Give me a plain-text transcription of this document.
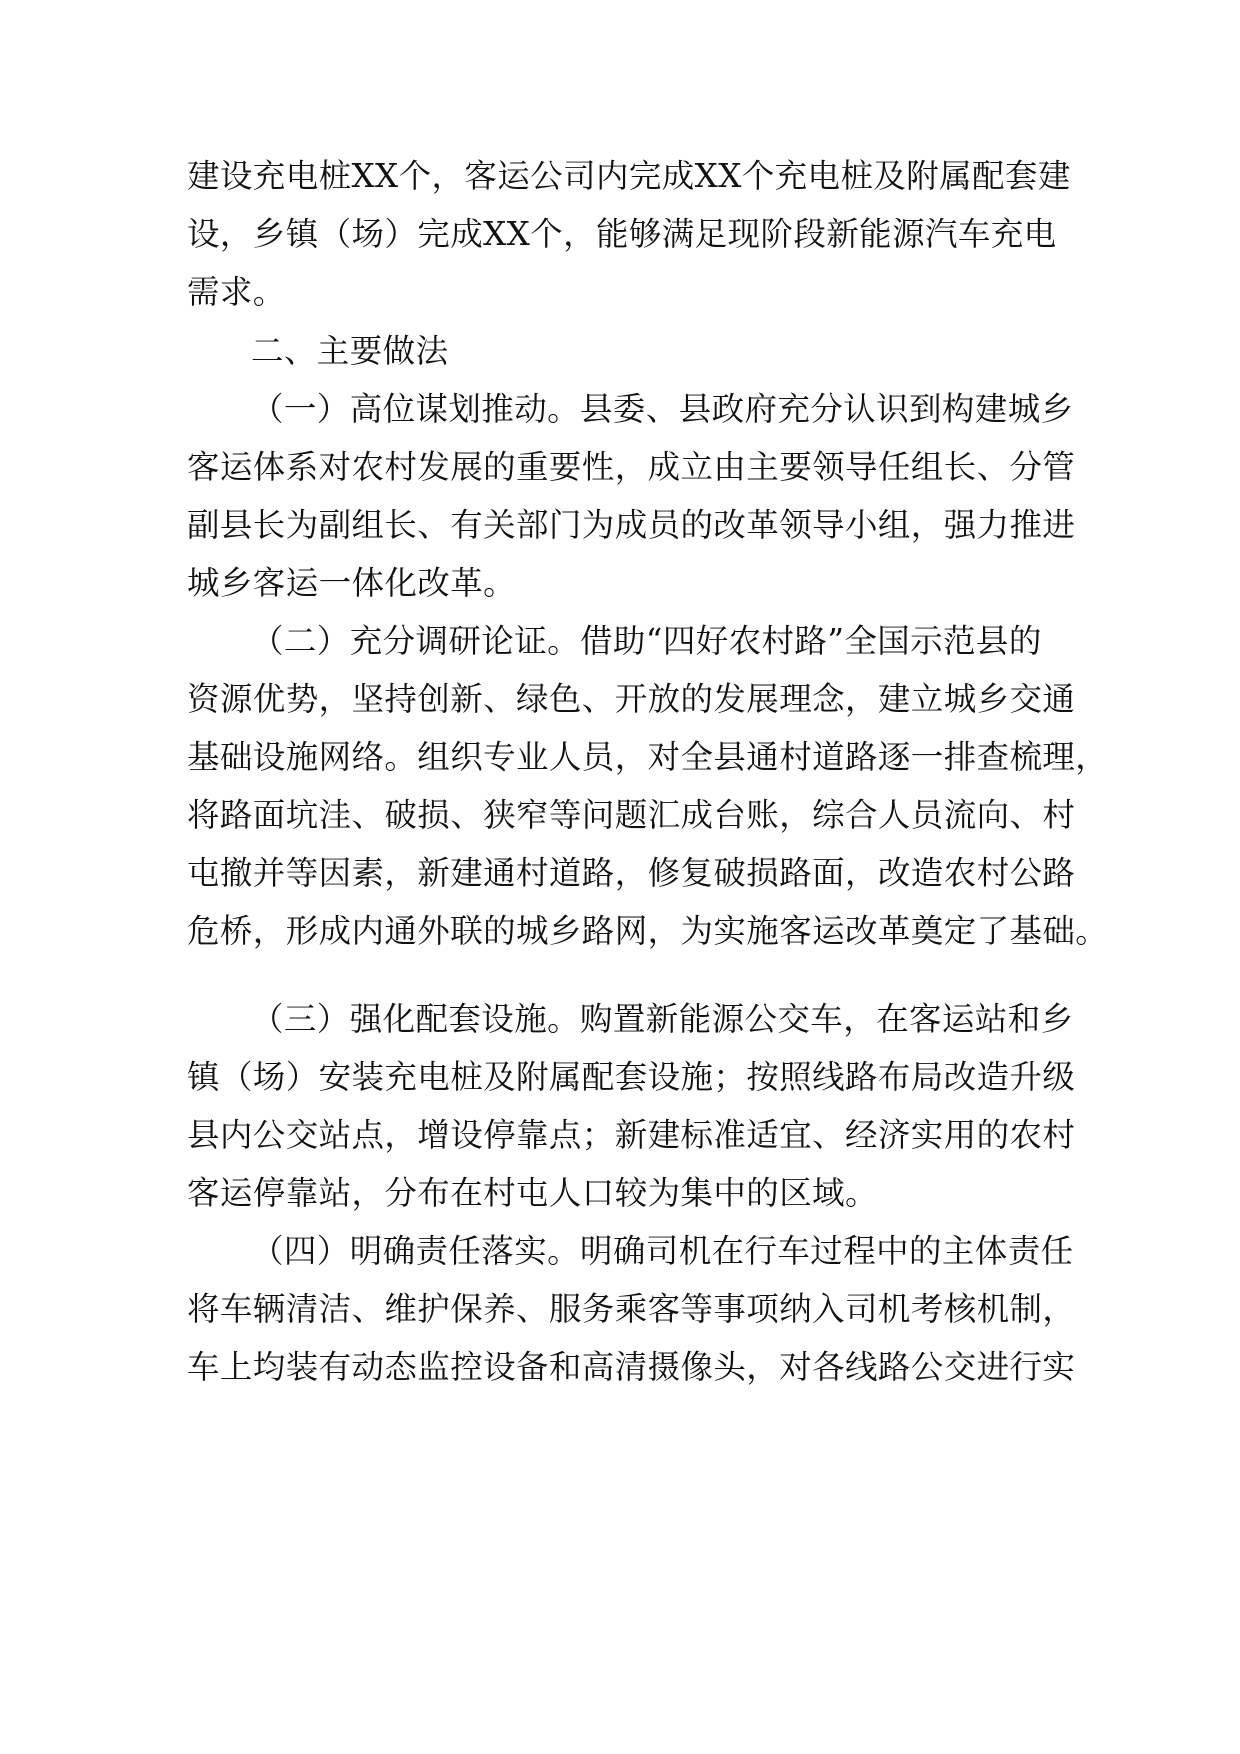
建设充电桩XX个，客运公司内完成XX个充电桩及附属配套建
设，乡镇（场）完成XX个，能够满足现阶段新能源汽车充电
需求。
二、主要做法
（一）高位谋划推动。县委、县政府充分认识到构建城乡
客运体系对农村发展的重要性，成立由主要领导任组长、分管
副县长为副组长、有关部门为成员的改革领导小组，强力推进
城乡客运一体化改革。
（二）充分调研论证。借助“四好农村路”全国示范县的
资源优势，坚持创新、绿色、开放的发展理念，建立城乡交通
基础设施网络。组织专业人员，对全县通村道路逐一排查梳理，
将路面坑洼、破损、狭窄等问题汇成台账，综合人员流向、村
屯撤并等因素，新建通村道路，修复破损路面，改造农村公路
危桥，形成内通外联的城乡路网，为实施客运改革奠定了基础。
（三）强化配套设施。购置新能源公交车，在客运站和乡
镇（场）安装充电桩及附属配套设施；按照线路布局改造升级
县内公交站点，增设停靠点；新建标准适宜、经济实用的农村
客运停靠站，分布在村屯人口较为集中的区域。
（四）明确责任落实。明确司机在行车过程中的主体责任
将车辆清洁、维护保养、服务乘客等事项纳入司机考核机制，
车上均装有动态监控设备和高清摄像头，对各线路公交进行实
